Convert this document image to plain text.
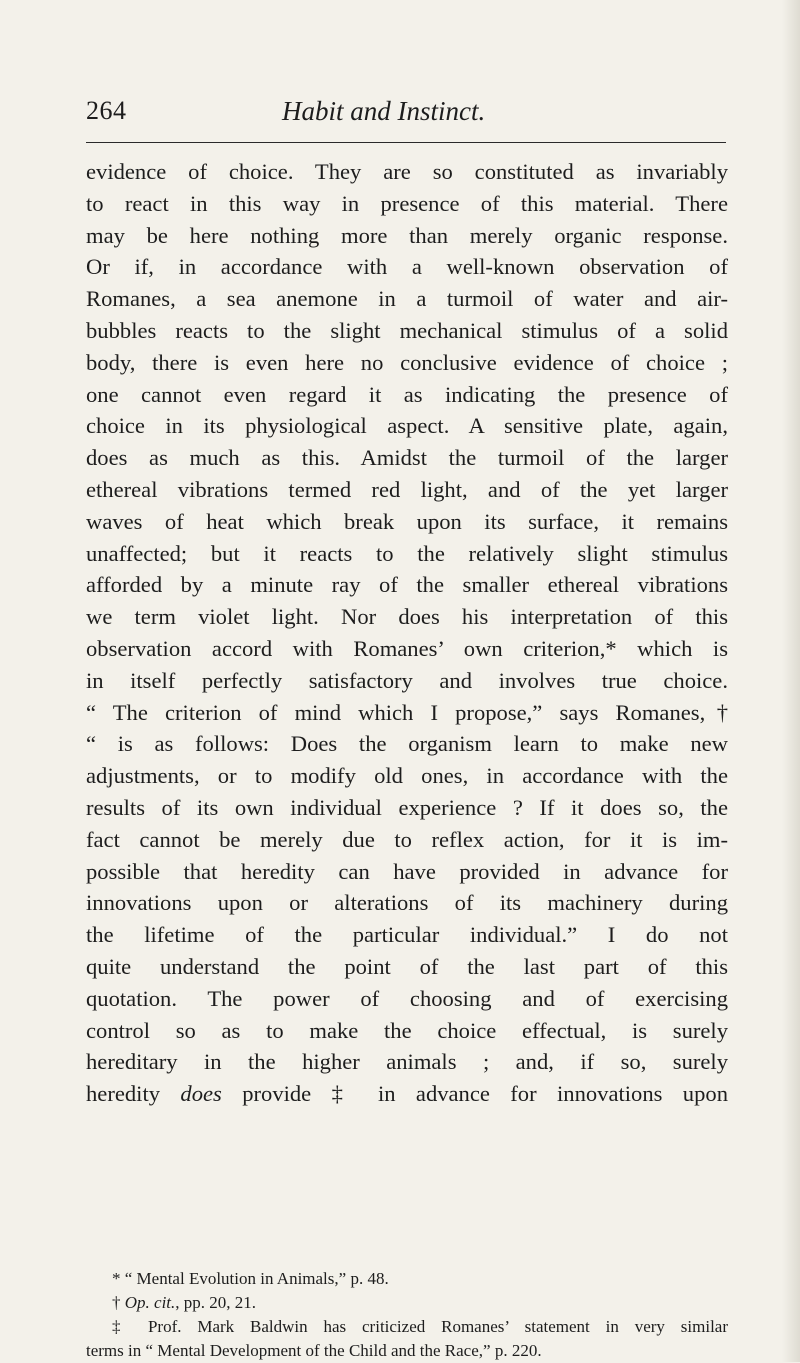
264	Habit and Instinct.
evidence of choice. They are so constituted as invariably
to react in this way in presence of this material. There
may be here nothing more than merely organic response.
Or if, in accordance with a well-known observation of
Romanes, a sea anemone in a turmoil of water and air-
bubbles reacts to the slight mechanical stimulus of a solid
body, there is even here no conclusive evidence of choice ;
one cannot even regard it as indicating the presence of
choice in its physiological aspect. A sensitive plate, again,
does as much as this. Amidst the turmoil of the larger
ethereal vibrations termed red light, and of the yet larger
waves of heat which break upon its surface, it remains
unaffected; but it reacts to the relatively slight stimulus
afforded by a minute ray of the smaller ethereal vibrations
we term violet light. Nor does his interpretation of this
observation accord with Romanes’ own criterion,* which is
in itself perfectly satisfactory and involves true choice.
“ The criterion of mind which I propose,” says Romanes,†
“ is as follows: Does the organism learn to make new
adjustments, or to modify old ones, in accordance with the
results of its own individual experience ? If it does so, the
fact cannot be merely due to reflex action, for it is im-
possible that heredity can have provided in advance for
innovations upon or alterations of its machinery during
the lifetime of the particular individual.” I do not
quite understand the point of the last part of this
quotation. The power of choosing and of exercising
control so as to make the choice effectual, is surely
hereditary in the higher animals ; and, if so, surely
heredity does provide ‡ in advance for innovations upon
* “ Mental Evolution in Animals,” p. 48.
† Op. cit., pp. 20, 21.
‡ Prof. Mark Baldwin has criticized Romanes’ statement in very similar
terms in “ Mental Development of the Child and the Race,” p. 220.
